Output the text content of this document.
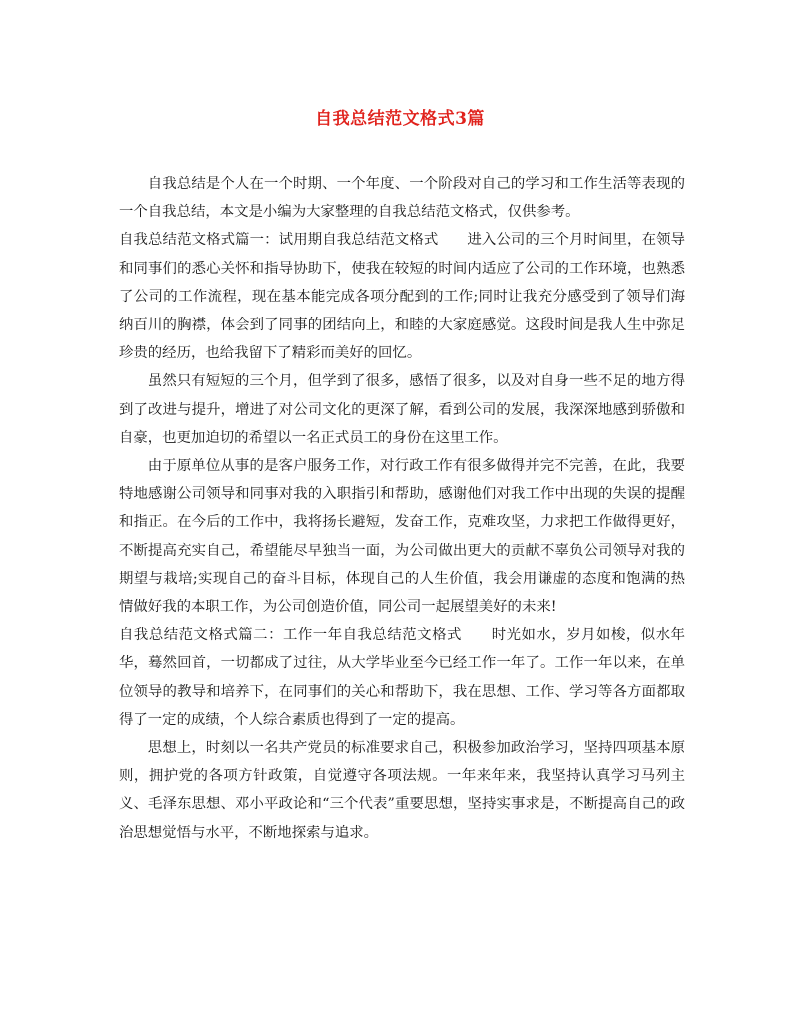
自我总结范文格式3篇

自我总结是个人在一个时期、一个年度、一个阶段对自己的学习和工作生活等表现的一个自我总结，本文是小编为大家整理的自我总结范文格式，仅供参考。

自我总结范文格式篇一：试用期自我总结范文格式　　进入公司的三个月时间里，在领导和同事们的悉心关怀和指导协助下，使我在较短的时间内适应了公司的工作环境，也熟悉了公司的工作流程，现在基本能完成各项分配到的工作;同时让我充分感受到了领导们海纳百川的胸襟，体会到了同事的团结向上，和睦的大家庭感觉。这段时间是我人生中弥足珍贵的经历，也给我留下了精彩而美好的回忆。

虽然只有短短的三个月，但学到了很多，感悟了很多，以及对自身一些不足的地方得到了改进与提升，增进了对公司文化的更深了解，看到公司的发展，我深深地感到骄傲和自豪，也更加迫切的希望以一名正式员工的身份在这里工作。

由于原单位从事的是客户服务工作，对行政工作有很多做得并完不完善，在此，我要特地感谢公司领导和同事对我的入职指引和帮助，感谢他们对我工作中出现的失误的提醒和指正。在今后的工作中，我将扬长避短，发奋工作，克难攻坚，力求把工作做得更好，不断提高充实自己，希望能尽早独当一面，为公司做出更大的贡献不辜负公司领导对我的期望与栽培;实现自己的奋斗目标，体现自己的人生价值，我会用谦虚的态度和饱满的热情做好我的本职工作，为公司创造价值，同公司一起展望美好的未来!

自我总结范文格式篇二：工作一年自我总结范文格式　　时光如水，岁月如梭，似水年华，蓦然回首，一切都成了过往，从大学毕业至今已经工作一年了。工作一年以来，在单位领导的教导和培养下，在同事们的关心和帮助下，我在思想、工作、学习等各方面都取得了一定的成绩，个人综合素质也得到了一定的提高。

思想上，时刻以一名共产党员的标准要求自己，积极参加政治学习，坚持四项基本原则，拥护党的各项方针政策，自觉遵守各项法规。一年来年来，我坚持认真学习马列主义、毛泽东思想、邓小平政论和“三个代表”重要思想，坚持实事求是，不断提高自己的政治思想觉悟与水平，不断地探索与追求。
